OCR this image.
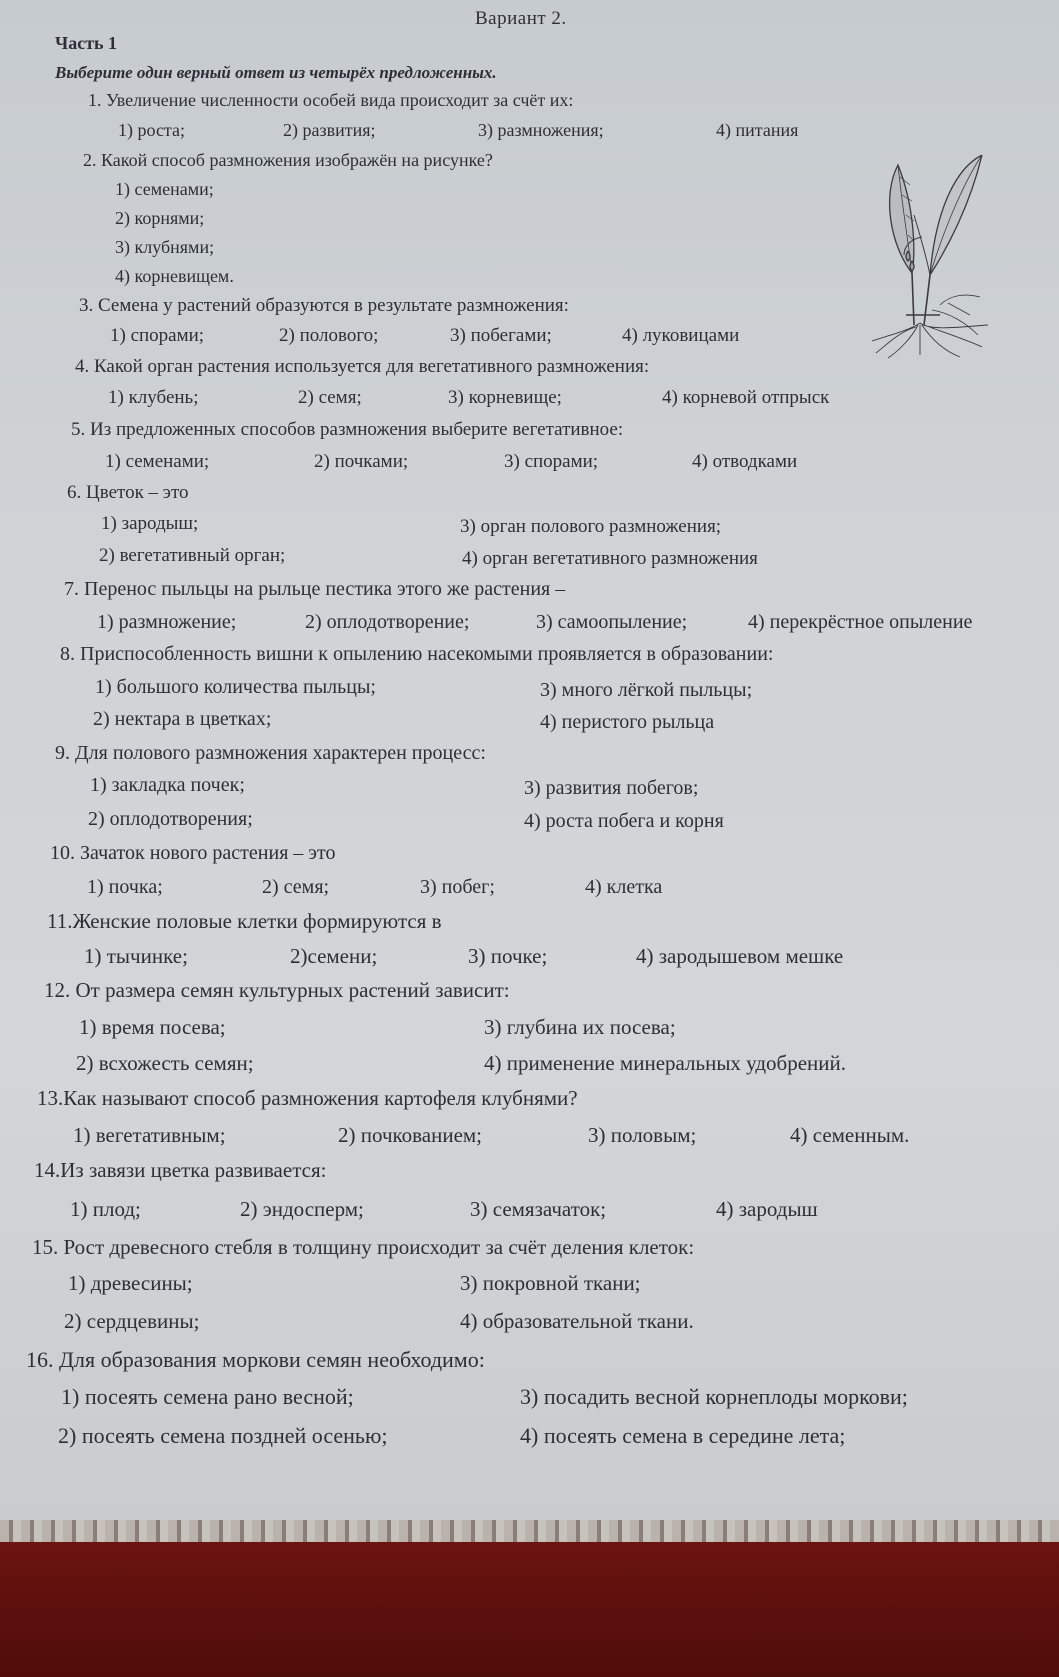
Вариант 2.
Часть 1
Выберите один верный ответ из четырёх предложенных.
1. Увеличение численности особей вида происходит за счёт их:
1) роста;	2) развития;	3) размножения;	4) питания
2. Какой способ размножения изображён на рисунке?
1) семенами;
2) корнями;
3) клубнями;
4) корневищем.
3. Семена у растений образуются в результате размножения:
1) спорами;	2) полового;	3) побегами;	4) луковицами
4. Какой орган растения используется для вегетативного размножения:
1) клубень;	2) семя;	3) корневище;	4) корневой отпрыск
5. Из предложенных способов размножения выберите вегетативное:
1) семенами;	2) почками;	3) спорами;	4) отводками
6. Цветок – это
1) зародыш;
2) вегетативный орган;
3) орган полового размножения;
4) орган вегетативного размножения
7. Перенос пыльцы на рыльце пестика этого же растения –
1) размножение;	2) оплодотворение;	3) самоопыление;	4) перекрёстное опыление
8. Приспособленность вишни к опылению насекомыми проявляется в образовании:
1) большого количества пыльцы;
2) нектара в цветках;
3) много лёгкой пыльцы;
4) перистого рыльца
9. Для полового размножения характерен процесс:
1) закладка почек;
2) оплодотворения;
3) развития побегов;
4) роста побега и корня
10. Зачаток нового растения – это
1) почка;	2) семя;	3) побег;	4) клетка
11.Женские половые клетки формируются в
1) тычинке;	2)семени;	3) почке;	4) зародышевом мешке
12. От размера семян культурных растений зависит:
1) время посева;
2) всхожесть семян;
3) глубина их посева;
4) применение минеральных удобрений.
13.Как называют способ размножения картофеля клубнями?
1) вегетативным;	2) почкованием;	3) половым;	4) семенным.
14.Из завязи цветка развивается:
1) плод;	2) эндосперм;	3) семязачаток;	4) зародыш
15. Рост древесного стебля в толщину происходит за счёт деления клеток:
1) древесины;
2) сердцевины;
3) покровной ткани;
4) образовательной ткани.
16. Для образования моркови семян необходимо:
1) посеять семена рано весной;
2) посеять семена поздней осенью;
3) посадить весной корнеплоды моркови;
4) посеять семена в середине лета;
